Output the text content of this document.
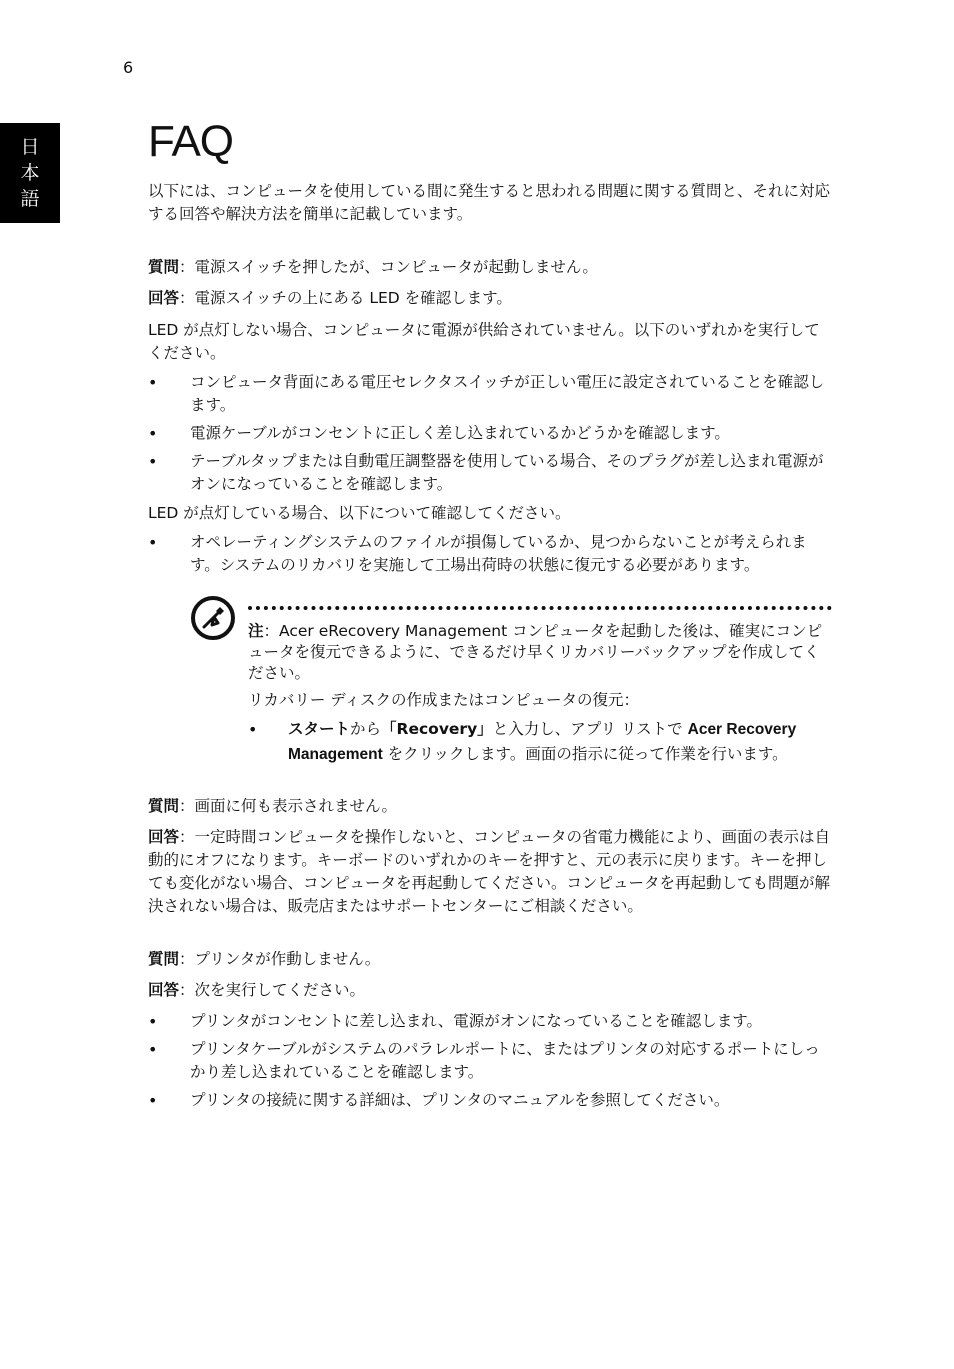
6
日
本
語
FAQ

以下には、コンピュータを使用している間に発生すると思われる問題に関する質問と、それに対応する回答や解決方法を簡単に記載しています。

質問：電源スイッチを押したが、コンピュータが起動しません。

回答：電源スイッチの上にある LED を確認します。

LED が点灯しない場合、コンピュータに電源が供給されていません。以下のいずれかを実行してください。

• コンピュータ背面にある電圧セレクタスイッチが正しい電圧に設定されていることを確認します。
• 電源ケーブルがコンセントに正しく差し込まれているかどうかを確認します。
• テーブルタップまたは自動電圧調整器を使用している場合、そのプラグが差し込まれ電源がオンになっていることを確認します。

LED が点灯している場合、以下について確認してください。

• オペレーティングシステムのファイルが損傷しているか、見つからないことが考えられます。システムのリカバリを実施して工場出荷時の状態に復元する必要があります。

注：Acer eRecovery Management コンピュータを起動した後は、確実にコンピュータを復元できるように、できるだけ早くリカバリーバックアップを作成してください。

リカバリー ディスクの作成またはコンピュータの復元：

• スタートから「Recovery」と入力し、アプリ リストで Acer Recovery Management をクリックします。画面の指示に従って作業を行います。

質問：画面に何も表示されません。

回答：一定時間コンピュータを操作しないと、コンピュータの省電力機能により、画面の表示は自動的にオフになります。キーボードのいずれかのキーを押すと、元の表示に戻ります。キーを押しても変化がない場合、コンピュータを再起動してください。コンピュータを再起動しても問題が解決されない場合は、販売店またはサポートセンターにご相談ください。

質問：プリンタが作動しません。

回答：次を実行してください。

• プリンタがコンセントに差し込まれ、電源がオンになっていることを確認します。
• プリンタケーブルがシステムのパラレルポートに、またはプリンタの対応するポートにしっかり差し込まれていることを確認します。
• プリンタの接続に関する詳細は、プリンタのマニュアルを参照してください。
